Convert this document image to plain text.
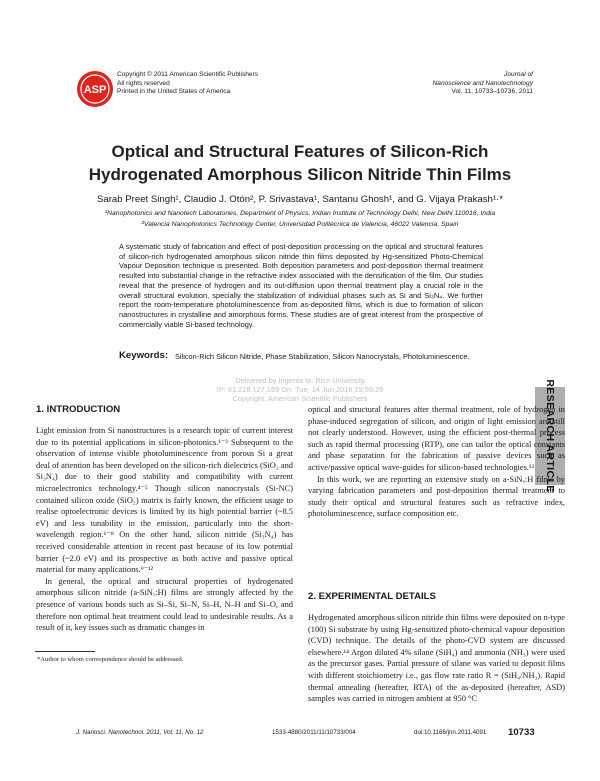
ASP
Copyright © 2011 American Scientific Publishers
All rights reserved
Printed in the United States of America
Journal of
Nanoscience and Nanotechnology
Vol. 11, 10733–10736, 2011
Optical and Structural Features of Silicon-Rich
Hydrogenated Amorphous Silicon Nitride Thin Films
Sarab Preet Singh¹, Claudio J. Otón², P. Srivastava¹, Santanu Ghosh¹, and G. Vijaya Prakash¹·*
¹Nanophotonics and Nanotech Laboratories, Department of Physics, Indian Institute of Technology Delhi, New Delhi 110016, India
²Valencia Nanophotonics Technology Center, Universidad Politécnica de Valencia, 46022 Valencia, Spain
A systematic study of fabrication and effect of post-deposition processing on the optical and structural features of silicon-rich hydrogenated amorphous silicon nitride thin films deposited by Hg-sensitized Photo-Chemical Vapour Deposition technique is presented. Both deposition parameters and post-deposition thermal treatment resulted into substantial change in the refractive index associated with the densification of the film. Our studies reveal that the presence of hydrogen and its out-diffusion upon thermal treatment play a crucial role in the overall structural evolution, specially the stabilization of individual phases such as Si and Si₃N₄. We further report the room-temperature photoluminescence from as-deposited films, which is due to formation of silicon nanostructures in crystalline and amorphous forms. These studies are of great interest from the prospective of commercially viable Si-based technology.
Keywords: Silicon-Rich Silicon Nitride, Phase Stabilization, Silicon Nanocrystals, Photoluminescence.
Delivered by Ingenta to: Rice University
IP: 81.218.127.169 On: Tue, 14 Jun 2016 19:59:29
Copyright: American Scientific Publishers	RESEARCH ARTICLE
1. INTRODUCTION

Light emission from Si nanostructures is a research topic of current interest due to its potential applications in silicon-photonics.¹⁻³ Subsequent to the observation of intense visible photoluminescence from porous Si a great deal of attention has been developed on the silicon-rich dielectrics (SiO₂ and Si₃N₄) due to their good stability and compatibility with current microelectronics technology.⁴⁻⁵ Though silicon nanocrystals (Si-NC) contained silicon oxide (SiO₂) matrix is fairly known, the efficient usage to realise optoelectronic devices is limited by its high potential barrier (~8.5 eV) and less tunability in the emission, particularly into the short-wavelength region.⁶⁻⁸ On the other hand, silicon nitride (Si₃N₄) has received considerable attention in recent past because of its low potential barrier (~2.0 eV) and its prospective as both active and passive optical material for many applications.⁹⁻¹²

In general, the optical and structural properties of hydrogenated amorphous silicon nitride (a-SiNₓ:H) films are strongly affected by the presence of various bonds such as Si–Si, Si–N, Si–H, N–H and Si–O, and therefore non optimal heat treatment could lead to undesirable results. As a result of it, key issues such as dramatic changes in

*Author to whom correspondence should be addressed.

optical and structural features after thermal treatment, role of hydrogen in phase-induced segregation of silicon, and origin of light emission are still not clearly understood. However, using the efficient post-thermal process such as rapid thermal processing (RTP), one can tailor the optical constants and phase separation for the fabrication of passive devices such as active/passive optical wave-guides for silicon-based technologies.¹³

In this work, we are reporting an extensive study on a-SiNₓ:H films by varying fabrication parameters and post-deposition thermal treatment to study their optical and structural features such as refractive index, photoluminescence, surface composition etc.

2. EXPERIMENTAL DETAILS

Hydrogenated amorphous silicon nitride thin films were deposited on n-type (100) Si substrate by using Hg-sensitized photo-chemical vapour deposition (CVD) technique. The details of the photo-CVD system are discussed elsewhere.¹⁴ Argon diluted 4% silane (SiH₄) and ammonia (NH₃) were used as the precursor gases. Partial pressure of silane was varied to deposit films with different stoichiometry i.e., gas flow rate ratio R = (SiH₄/NH₃). Rapid thermal annealing (hereafter, RTA) of the as-deposited (hereafter, ASD) samples was carried in nitrogen ambient at 950 °C

J. Nanosci. Nanotechnol. 2011, Vol. 11, No. 12	1533-4880/2011/11/10733/004	doi:10.1166/jnn.2011.4091 10733
